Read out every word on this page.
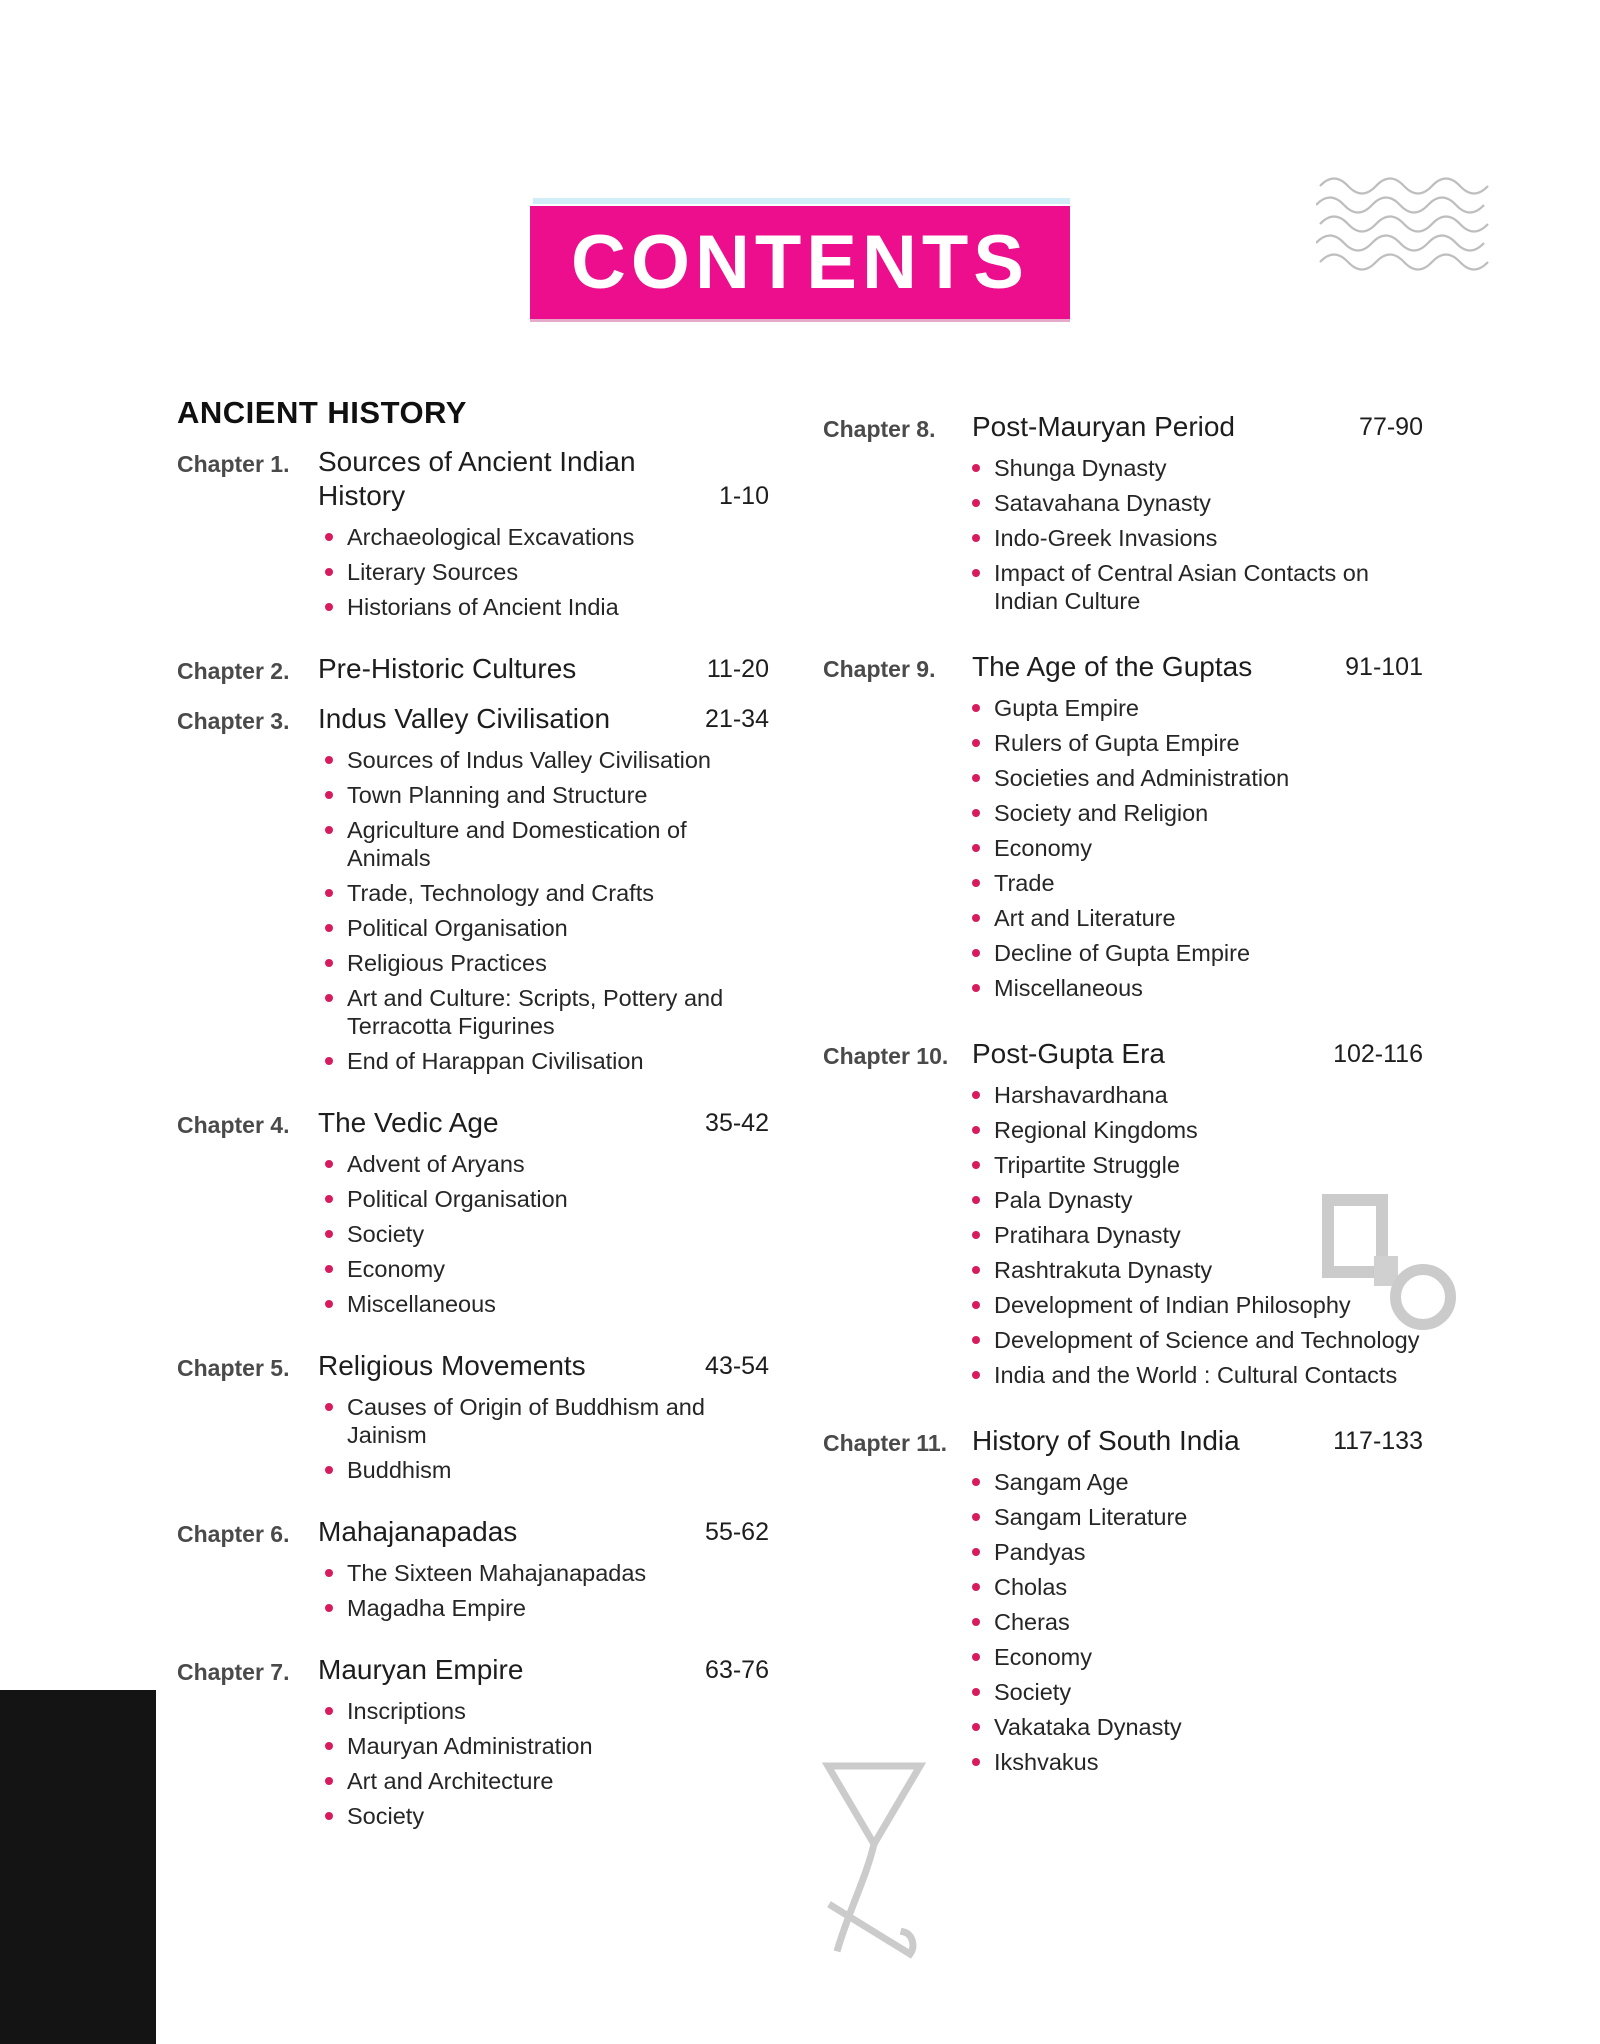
CONTENTS
ANCIENT HISTORY
Chapter 1.	Sources of Ancient Indian History	1-10
Archaeological Excavations
Literary Sources
Historians of Ancient India
Chapter 2.	Pre-Historic Cultures	11-20
Chapter 3.	Indus Valley Civilisation	21-34
Sources of Indus Valley Civilisation
Town Planning and Structure
Agriculture and Domestication of Animals
Trade, Technology and Crafts
Political Organisation
Religious Practices
Art and Culture: Scripts, Pottery and Terracotta Figurines
End of Harappan Civilisation
Chapter 4.	The Vedic Age	35-42
Advent of Aryans
Political Organisation
Society
Economy
Miscellaneous
Chapter 5.	Religious Movements	43-54
Causes of Origin of Buddhism and Jainism
Buddhism
Chapter 6.	Mahajanapadas	55-62
The Sixteen Mahajanapadas
Magadha Empire
Chapter 7.	Mauryan Empire	63-76
Inscriptions
Mauryan Administration
Art and Architecture
Society
Chapter 8.	Post-Mauryan Period	77-90
Shunga Dynasty
Satavahana Dynasty
Indo-Greek Invasions
Impact of Central Asian Contacts on Indian Culture
Chapter 9.	The Age of the Guptas	91-101
Gupta Empire
Rulers of Gupta Empire
Societies and Administration
Society and Religion
Economy
Trade
Art and Literature
Decline of Gupta Empire
Miscellaneous
Chapter 10. Post-Gupta Era	102-116
Harshavardhana
Regional Kingdoms
Tripartite Struggle
Pala Dynasty
Pratihara Dynasty
Rashtrakuta Dynasty
Development of Indian Philosophy
Development of Science and Technology
India and the World : Cultural Contacts
Chapter 11. History of South India	117-133
Sangam Age
Sangam Literature
Pandyas
Cholas
Cheras
Economy
Society
Vakataka Dynasty
Ikshvakus
